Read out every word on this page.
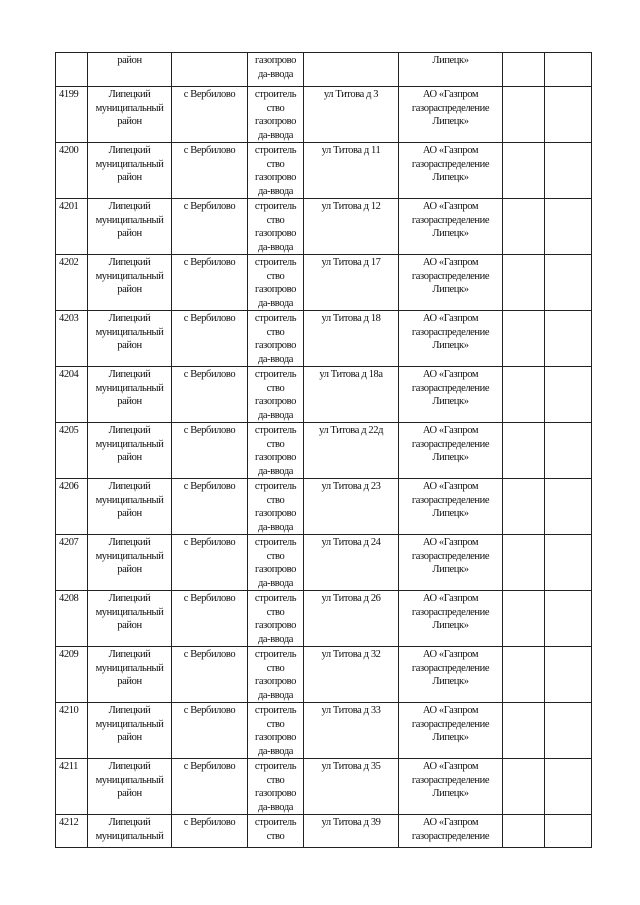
	район		газопрово
да-ввода		Липецк»		

4199	Липецкий
муниципальный
район	с Вербилово	строитель
ство
газопрово
да-ввода	ул Титова д 3	АО «Газпром
газораспределение
Липецк»		

4200	Липецкий
муниципальный
район	с Вербилово	строитель
ство
газопрово
да-ввода	ул Титова д 11	АО «Газпром
газораспределение
Липецк»		

4201	Липецкий
муниципальный
район	с Вербилово	строитель
ство
газопрово
да-ввода	ул Титова д 12	АО «Газпром
газораспределение
Липецк»		

4202	Липецкий
муниципальный
район	с Вербилово	строитель
ство
газопрово
да-ввода	ул Титова д 17	АО «Газпром
газораспределение
Липецк»		

4203	Липецкий
муниципальный
район	с Вербилово	строитель
ство
газопрово
да-ввода	ул Титова д 18	АО «Газпром
газораспределение
Липецк»		

4204	Липецкий
муниципальный
район	с Вербилово	строитель
ство
газопрово
да-ввода	ул Титова д 18а	АО «Газпром
газораспределение
Липецк»		

4205	Липецкий
муниципальный
район	с Вербилово	строитель
ство
газопрово
да-ввода	ул Титова д 22д	АО «Газпром
газораспределение
Липецк»		

4206	Липецкий
муниципальный
район	с Вербилово	строитель
ство
газопрово
да-ввода	ул Титова д 23	АО «Газпром
газораспределение
Липецк»		

4207	Липецкий
муниципальный
район	с Вербилово	строитель
ство
газопрово
да-ввода	ул Титова д 24	АО «Газпром
газораспределение
Липецк»		

4208	Липецкий
муниципальный
район	с Вербилово	строитель
ство
газопрово
да-ввода	ул Титова д 26	АО «Газпром
газораспределение
Липецк»		

4209	Липецкий
муниципальный
район	с Вербилово	строитель
ство
газопрово
да-ввода	ул Титова д 32	АО «Газпром
газораспределение
Липецк»		

4210	Липецкий
муниципальный
район	с Вербилово	строитель
ство
газопрово
да-ввода	ул Титова д 33	АО «Газпром
газораспределение
Липецк»		

4211	Липецкий
муниципальный
район	с Вербилово	строитель
ство
газопрово
да-ввода	ул Титова д 35	АО «Газпром
газораспределение
Липецк»		

4212	Липецкий
муниципальный	с Вербилово	строитель
ство	ул Титова д 39	АО «Газпром
газораспределение		
